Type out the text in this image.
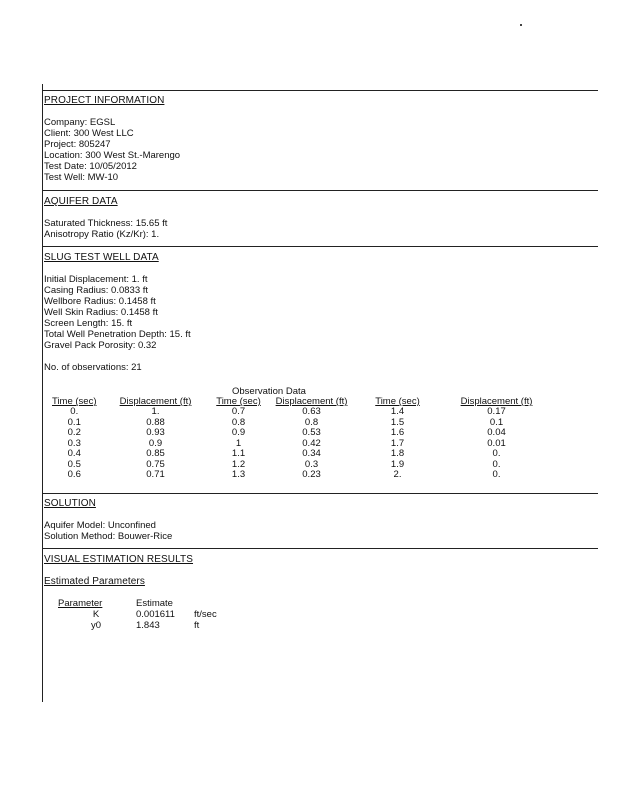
PROJECT INFORMATION
Company: EGSL
Client: 300 West LLC
Project: 805247
Location: 300 West St.-Marengo
Test Date: 10/05/2012
Test Well: MW-10
AQUIFER DATA
Saturated Thickness: 15.65 ft
Anisotropy Ratio (Kz/Kr): 1.
SLUG TEST WELL DATA
Initial Displacement: 1. ft
Casing Radius: 0.0833 ft
Wellbore Radius: 0.1458 ft
Well Skin Radius: 0.1458 ft
Screen Length: 15. ft
Total Well Penetration Depth: 15. ft
Gravel Pack Porosity: 0.32
No. of observations: 21
Observation Data
Time (sec)	Displacement (ft)	Time (sec)	Displacement (ft)	Time (sec)	Displacement (ft)
0.	1.	0.7	0.63	1.4	0.17
0.1	0.88	0.8	0.8	1.5	0.1
0.2	0.93	0.9	0.53	1.6	0.04
0.3	0.9	1	0.42	1.7	0.01
0.4	0.85	1.1	0.34	1.8	0.
0.5	0.75	1.2	0.3	1.9	0.
0.6	0.71	1.3	0.23	2.	0.
SOLUTION
Aquifer Model: Unconfined
Solution Method: Bouwer-Rice
VISUAL ESTIMATION RESULTS
Estimated Parameters
Parameter	Estimate	
K	0.001611	ft/sec
y0	1.843	ft
